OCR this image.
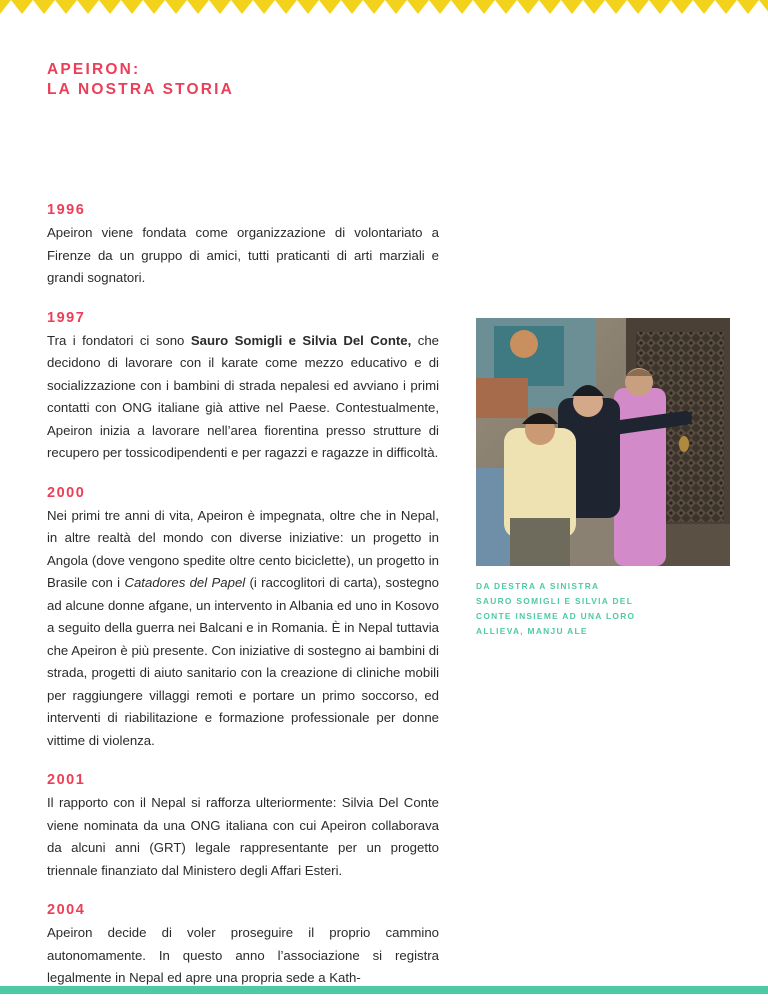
APEIRON:
LA NOSTRA STORIA
1996
Apeiron viene fondata come organizzazione di volontariato a Firenze da un gruppo di amici, tutti praticanti di arti marziali e grandi sognatori.
1997
Tra i fondatori ci sono Sauro Somigli e Silvia Del Conte, che decidono di lavorare con il karate come mezzo educativo e di socializzazione con i bambini di strada nepalesi ed avviano i primi contatti con ONG italiane già attive nel Paese. Contestualmente, Apeiron inizia a lavorare nell’area fiorentina presso strutture di recupero per tossicodipendenti e per ragazzi e ragazze in difficoltà.
2000
Nei primi tre anni di vita, Apeiron è impegnata, oltre che in Nepal, in altre realtà del mondo con diverse iniziative: un progetto in Angola (dove vengono spedite oltre cento biciclette), un progetto in Brasile con i Catadores del Papel (i raccoglitori di carta), sostegno ad alcune donne afgane, un intervento in Albania ed uno in Kosovo a seguito della guerra nei Balcani e in Romania. È in Nepal tuttavia che Apeiron è più presente. Con iniziative di sostegno ai bambini di strada, progetti di aiuto sanitario con la creazione di cliniche mobili per raggiungere villaggi remoti e portare un primo soccorso, ed interventi di riabilitazione e formazione professionale per donne vittime di violenza.
2001
Il rapporto con il Nepal si rafforza ulteriormente: Silvia Del Conte viene nominata da una ONG italiana con cui Apeiron collaborava da alcuni anni (GRT) legale rappresentante per un progetto triennale finanziato dal Ministero degli Affari Esteri.
2004
Apeiron decide di voler proseguire il proprio cammino autonomamente. In questo anno l’associazione si registra legalmente in Nepal ed apre una propria sede a Kath-
DA DESTRA A SINISTRA
SAURO SOMIGLI E SILVIA DEL
CONTE INSIEME AD UNA LORO
ALLIEVA, MANJU ALE
